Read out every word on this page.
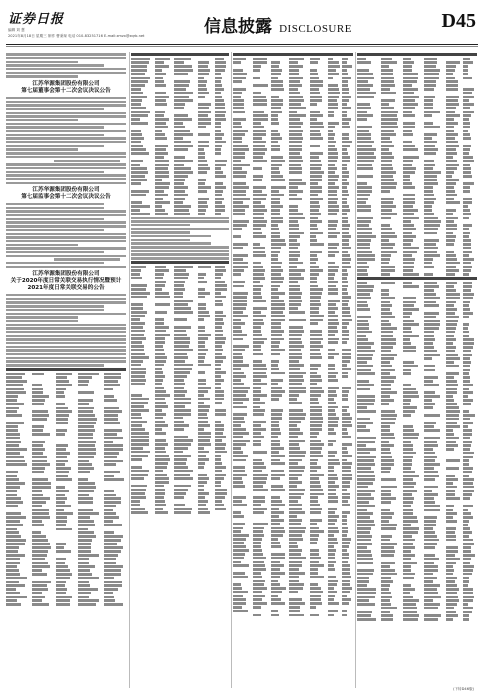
证券日报
编辑 刘 慧
2021年8月18日 星期三 制作 曹秉琛 电话 010-83251716 E-mail:zmzx@zqrb.net	信息披露 DISCLOSURE	D45
江苏华源集团股份有限公司
第七届董事会第十二次会议决议公告
江苏华源集团股份有限公司
第七届监事会第十二次会议决议公告
江苏华源集团股份有限公司
关于2020年度日常关联交易执行情况暨预计
2021年度日常关联交易的公告
(下转D46版)
